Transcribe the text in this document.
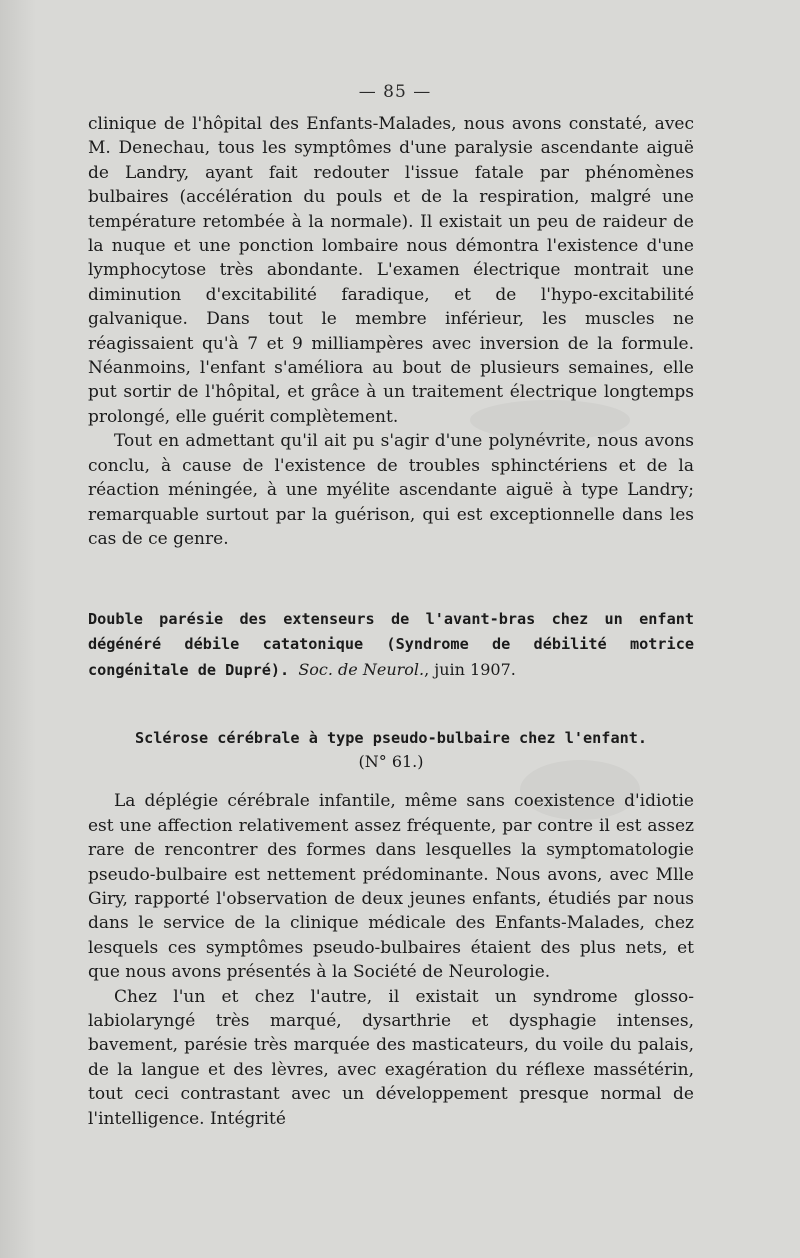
— 85 —

clinique de l'hôpital des Enfants-Malades, nous avons constaté, avec M. Denechau, tous les symptômes d'une paralysie ascendante aiguë de Landry, ayant fait redouter l'issue fatale par phénomènes bulbaires (accélération du pouls et de la respiration, malgré une température retombée à la normale). Il existait un peu de raideur de la nuque et une ponction lombaire nous démontra l'existence d'une lymphocytose très abondante. L'examen électrique montrait une diminution d'excitabilité faradique, et de l'hypo-excitabilité galvanique. Dans tout le membre inférieur, les muscles ne réagissaient qu'à 7 et 9 milliampères avec inversion de la formule. Néanmoins, l'enfant s'améliora au bout de plusieurs semaines, elle put sortir de l'hôpital, et grâce à un traitement électrique longtemps prolongé, elle guérit complètement.

Tout en admettant qu'il ait pu s'agir d'une polynévrite, nous avons conclu, à cause de l'existence de troubles sphinctériens et de la réaction méningée, à une myélite ascendante aiguë à type Landry; remarquable surtout par la guérison, qui est exceptionnelle dans les cas de ce genre.

Double parésie des extenseurs de l'avant-bras chez un enfant dégénéré débile catatonique (Syndrome de débilité motrice congénitale de Dupré). Soc. de Neurol., juin 1907.

Sclérose cérébrale à type pseudo-bulbaire chez l'enfant.

(N° 61.)

La déplégie cérébrale infantile, même sans coexistence d'idiotie est une affection relativement assez fréquente, par contre il est assez rare de rencontrer des formes dans lesquelles la symptomatologie pseudo-bulbaire est nettement prédominante. Nous avons, avec Mlle Giry, rapporté l'observation de deux jeunes enfants, étudiés par nous dans le service de la clinique médicale des Enfants-Malades, chez lesquels ces symptômes pseudo-bulbaires étaient des plus nets, et que nous avons présentés à la Société de Neurologie.

Chez l'un et chez l'autre, il existait un syndrome glosso-labiolaryngé très marqué, dysarthrie et dysphagie intenses, bavement, parésie très marquée des masticateurs, du voile du palais, de la langue et des lèvres, avec exagération du réflexe massétérin, tout ceci contrastant avec un développement presque normal de l'intelligence. Intégrité
